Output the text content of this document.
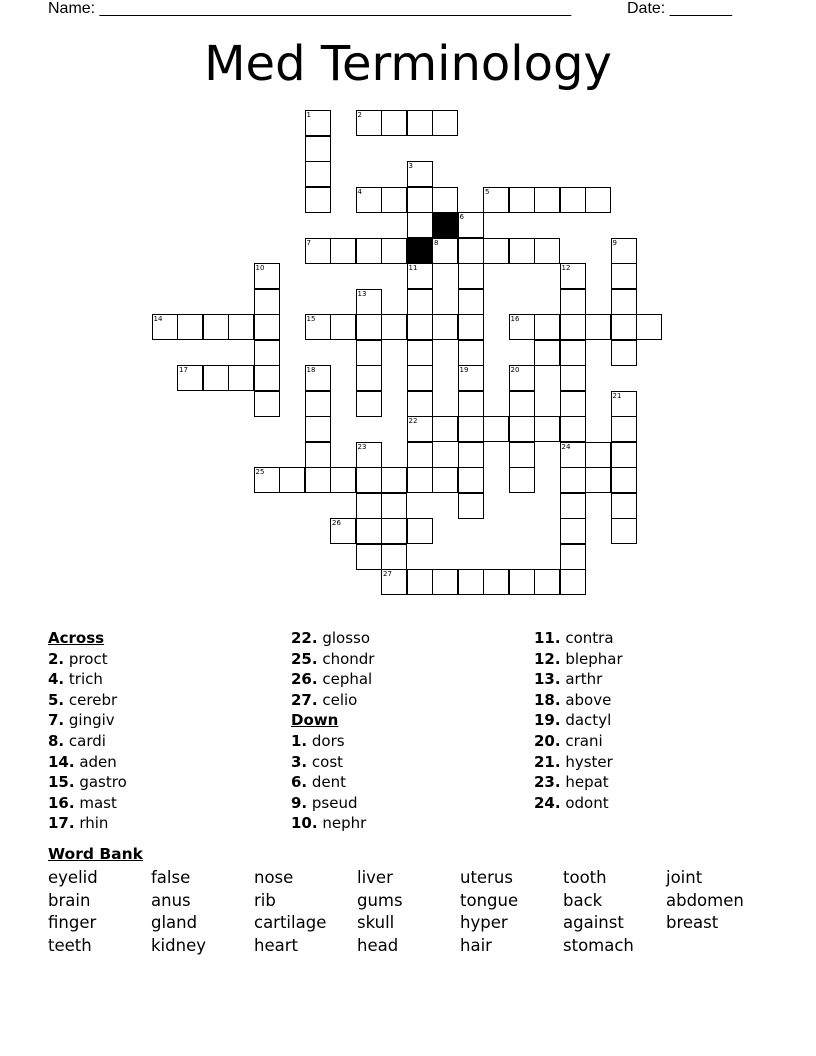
Name: _____________________________________________________	Date: _______
Med Terminology
1	2
3
4	5
6
7	8	9
10	11
22
12
13
14	15	16
17	18	19	20
21
23	24
25
26
27
Across
2. proct
4. trich
5. cerebr
7. gingiv
8. cardi
14. aden
15. gastro
16. mast
17. rhin
22. glosso
25. chondr
26. cephal
27. celio
Down
1. dors
3. cost
6. dent
9. pseud
10. nephr
11. contra
12. blephar
13. arthr
18. above
19. dactyl
20. crani
21. hyster
23. hepat
24. odont
Word Bank
eyelid	false	nose	liver	uterus	tooth	joint
brain	anus	rib	gums	tongue	back	abdomen
finger	gland	cartilage	skull	hyper	against	breast
teeth	kidney	heart	head	hair	stomach
